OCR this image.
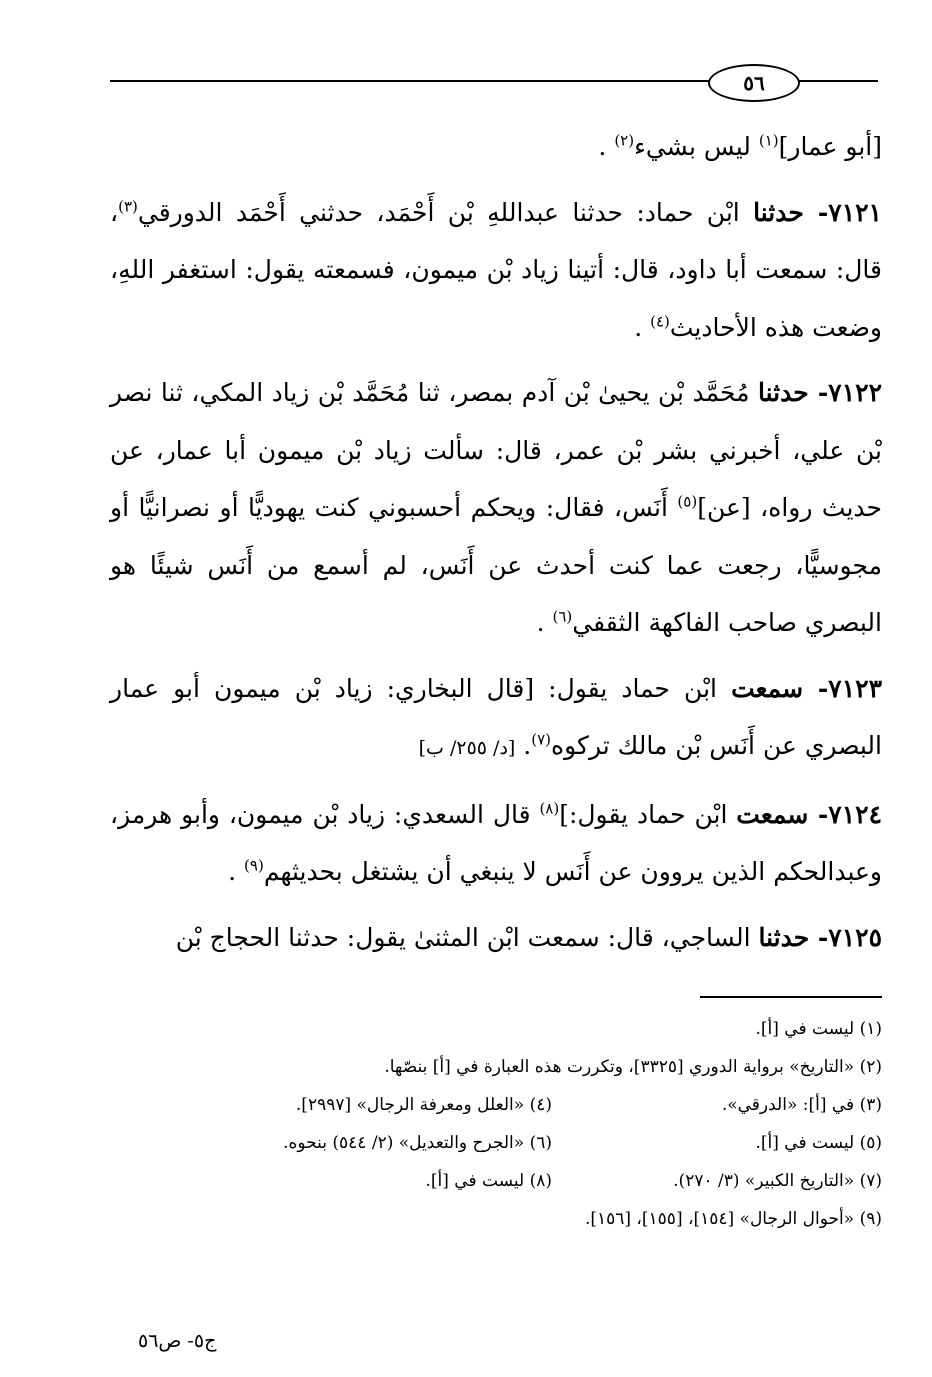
٥٦

[أبو عمار]$^{(١)}$ ليس بشيء$^{(٢)}$ .

٧١٢١- حدثنا ابْن حماد: حدثنا عبداللهِ بْن أَحْمَد، حدثني أَحْمَد الدورقي$^{(٣)}$، قال: سمعت أبا داود، قال: أتينا زياد بْن ميمون، فسمعته يقول: استغفر اللهِ، وضعت هذه الأحاديث$^{(٤)}$ .

٧١٢٢- حدثنا مُحَمَّد بْن يحيىٰ بْن آدم بمصر، ثنا مُحَمَّد بْن زياد المكي، ثنا نصر بْن علي، أخبرني بشر بْن عمر، قال: سألت زياد بْن ميمون أبا عمار، عن حديث رواه، [عن]$^{(٥)}$ أَنَس، فقال: ويحكم أحسبوني كنت يهوديًّا أو نصرانيًّا أو مجوسيًّا، رجعت عما كنت أحدث عن أَنَس، لم أسمع من أَنَس شيئًا هو البصري صاحب الفاكهة الثقفي$^{(٦)}$ .

٧١٢٣- سمعت ابْن حماد يقول: [قال البخاري: زياد بْن ميمون أبو عمار البصري عن أَنَس بْن مالك تركوه$^{(٧)}$. [د/ ٢٥٥/ ب]

٧١٢٤- سمعت ابْن حماد يقول:]$^{(٨)}$ قال السعدي: زياد بْن ميمون، وأبو هرمز، وعبدالحكم الذين يروون عن أَنَس لا ينبغي أن يشتغل بحديثهم$^{(٩)}$ .

٧١٢٥- حدثنا الساجي، قال: سمعت ابْن المثنىٰ يقول: حدثنا الحجاج بْن

(١) ليست في [أ].
(٢) «التاريخ» برواية الدوري [٣٣٢٥]، وتكررت هذه العبارة في [أ] بنصّها.
(٣) في [أ]: «الدرقي».
(٤) «العلل ومعرفة الرجال» [٢٩٩٧].
(٥) ليست في [أ].
(٦) «الجرح والتعديل» (٢/ ٥٤٤) بنحوه.
(٧) «التاريخ الكبير» (٣/ ٢٧٠).
(٨) ليست في [أ].
(٩) «أحوال الرجال» [١٥٤]، [١٥٥]، [١٥٦].
ج٥- ص٥٦
